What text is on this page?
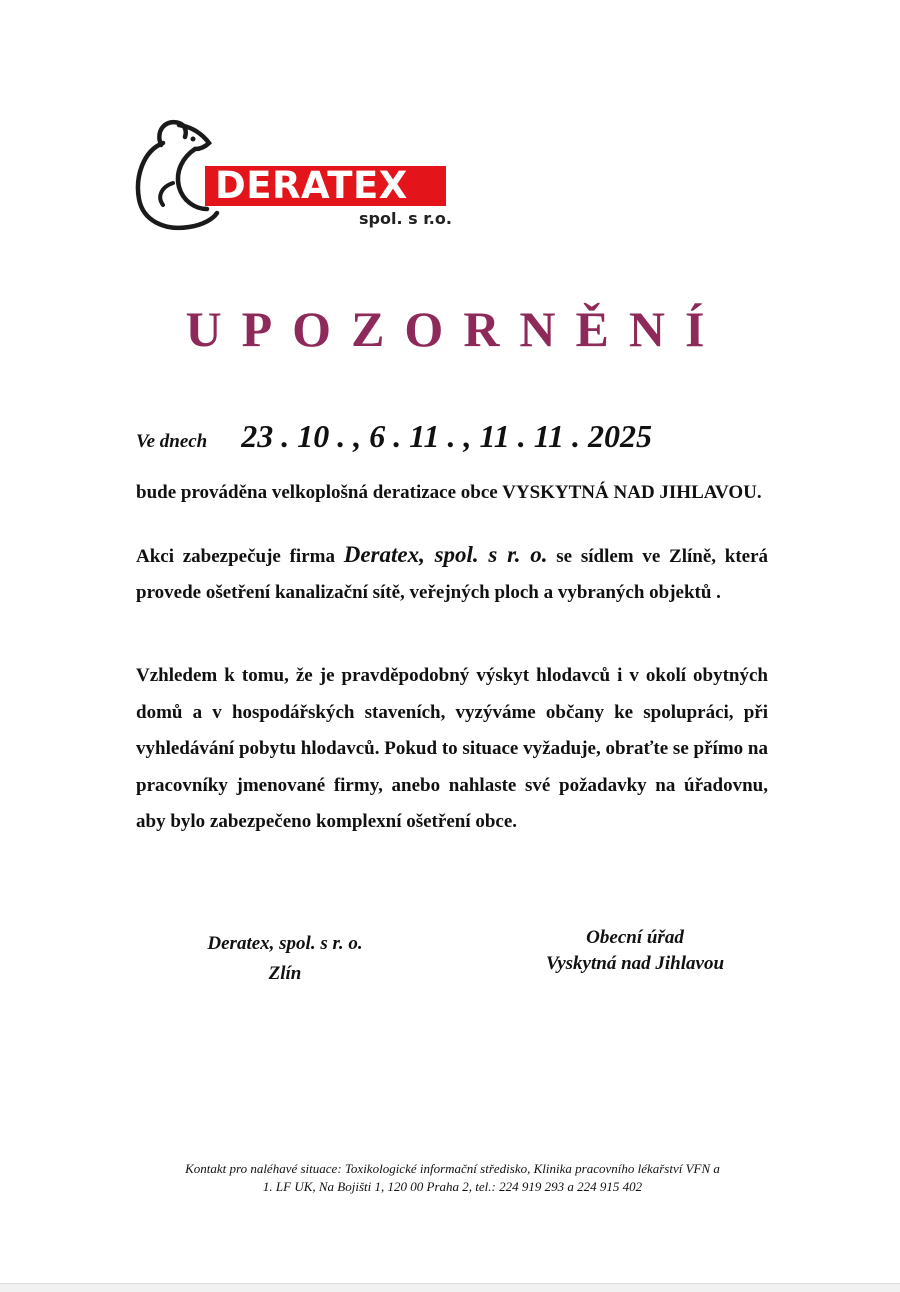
DERATEX
spol. s r.o.
UPOZORNĚNÍ
Ve dnech 23 . 10 . , 6 . 11 . , 11 . 11 . 2025
bude prováděna velkoplošná deratizace obce VYSKYTNÁ NAD JIHLAVOU.
Akci zabezpečuje firma Deratex, spol. s r. o. se sídlem ve Zlíně, která provede ošetření kanalizační sítě, veřejných ploch a vybraných objektů .
Vzhledem k tomu, že je pravděpodobný výskyt hlodavců i v okolí obytných domů a v hospodářských staveních, vyzýváme občany ke spolupráci, při vyhledávání pobytu hlodavců. Pokud to situace vyžaduje, obraťte se přímo na pracovníky jmenované firmy, anebo nahlaste své požadavky na úřadovnu, aby bylo zabezpečeno komplexní ošetření obce.
Deratex, spol. s r. o.
Zlín
Obecní úřad
Vyskytná nad Jihlavou
Kontakt pro naléhavé situace: Toxikologické informační středisko, Klinika pracovního lékařství VFN a
1. LF UK, Na Bojišti 1, 120 00 Praha 2, tel.: 224 919 293 a 224 915 402
